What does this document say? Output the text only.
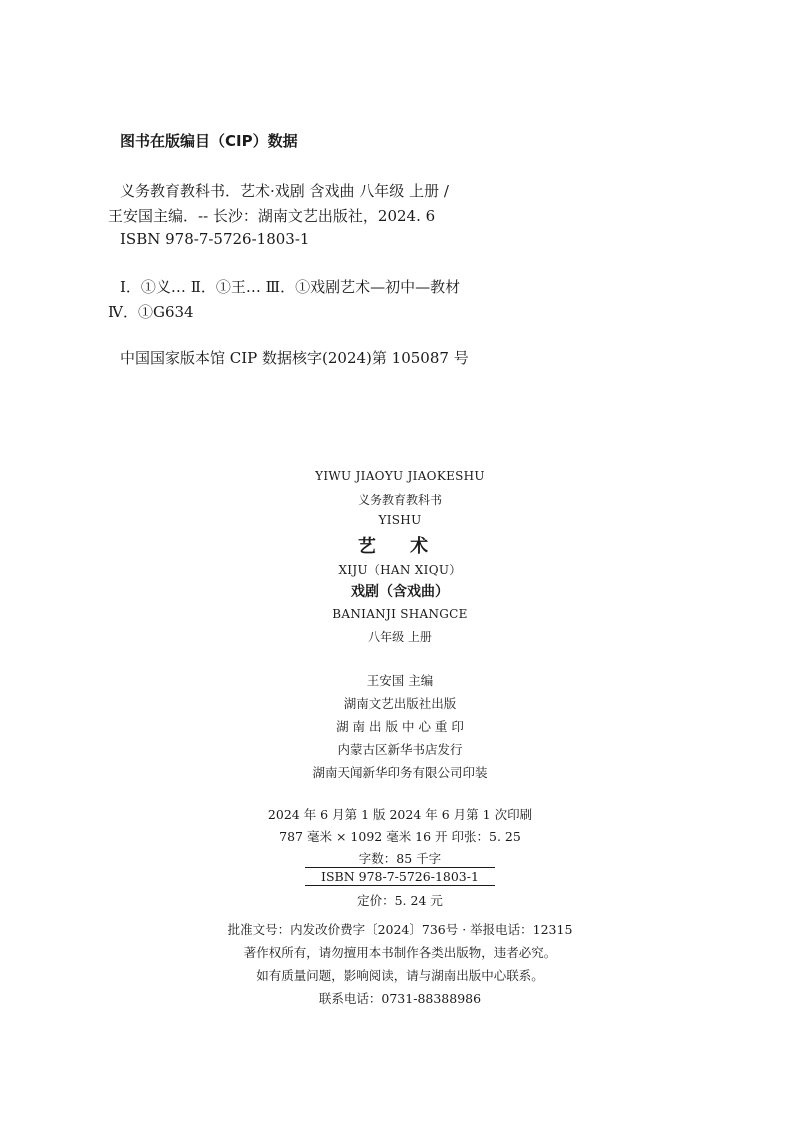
图书在版编目（CIP）数据
义务教育教科书．艺术·戏剧 含戏曲 八年级 上册 /
王安国主编．-- 长沙：湖南文艺出版社，2024. 6
ISBN 978-7-5726-1803-1
Ⅰ．①义… Ⅱ．①王… Ⅲ．①戏剧艺术—初中—教材
Ⅳ．①G634
中国国家版本馆 CIP 数据核字(2024)第 105087 号
YIWU JIAOYU JIAOKESHU
义务教育教科书
YISHU
艺 术
XIJU（HAN XIQU）
戏剧（含戏曲）
BANIANJI SHANGCE
八年级 上册
王安国 主编
湖南文艺出版社出版
湖 南 出 版 中 心 重 印
内蒙古区新华书店发行
湖南天闻新华印务有限公司印装
2024 年 6 月第 1 版 2024 年 6 月第 1 次印刷
787 毫米 × 1092 毫米 16 开 印张：5. 25
字数：85 千字
ISBN 978-7-5726-1803-1
定价：5. 24 元
批准文号：内发改价费字〔2024〕736号 · 举报电话：12315
著作权所有，请勿擅用本书制作各类出版物，违者必究。
如有质量问题，影响阅读，请与湖南出版中心联系。
联系电话：0731-88388986
